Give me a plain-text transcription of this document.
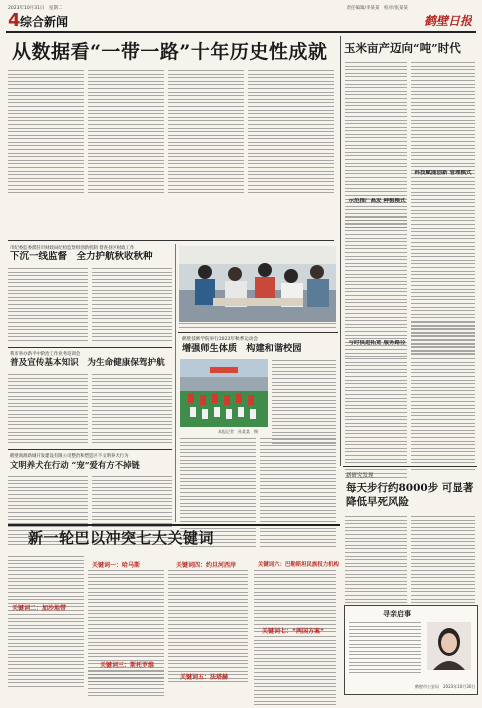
2023年10月31日　星期二	责任编辑/李某某　校对/张某某
4 综合新闻	鹤壁日报
从数据看“一带一路”十年历史性成就	玉米亩产迈向“吨”时代
示范推广高发 种植模式
科技赋能创新 管理模式
与时俱进拓宽 服务路径
新研究发现
每天步行约8000步 可显著降低早死风险
寻亲启事
鹤壁市公安局　2023年10月30日
市纪委监委派驻市财政局纪检监察组创新机制 督查县区财政工作
下沉一线监督　全力护航秋收秋种
我市举办新平中阶治工作业务培训会
普及宣传基本知识　为生命健康保驾护航
鹤壁商源新城开发建设有限公司整治和塑造区不文明养犬行为
文明养犬在行动 “宠”爱有方不掉链
鹤壁技师学院举行2023年秋季运动会
增强师生体质　构建和谐校园
本报记者　孙某某　摄
新一轮巴以冲突七大关键词
关键词一：哈马斯
关键词二：加沙地带
关键词三：斯托罗维
关键词四：约旦河西岸
关键词五：法塔赫
关键词六：巴勒斯坦民族权力机构
关键词七：“两国方案”
